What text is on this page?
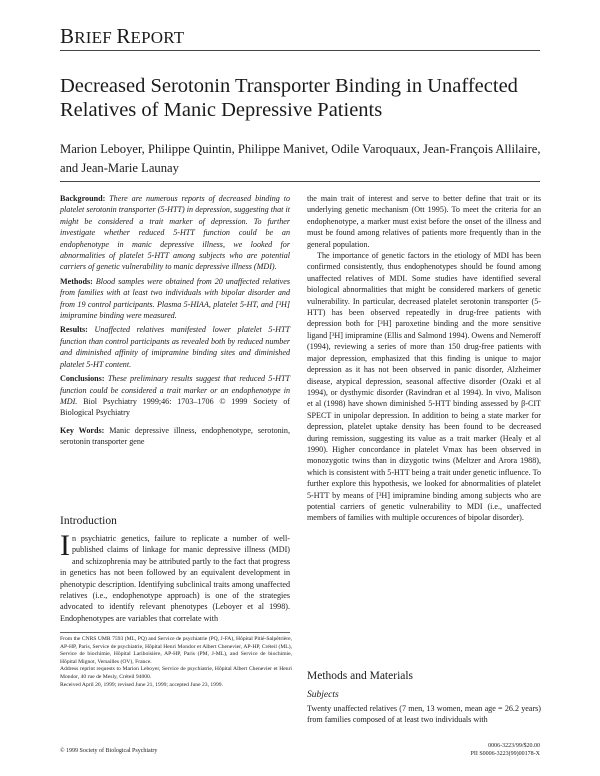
BRIEF REPORT
Decreased Serotonin Transporter Binding in Unaffected Relatives of Manic Depressive Patients
Marion Leboyer, Philippe Quintin, Philippe Manivet, Odile Varoquaux, Jean-François Allilaire, and Jean-Marie Launay

Background: There are numerous reports of decreased binding to platelet serotonin transporter (5-HTT) in depression, suggesting that it might be considered a trait marker of depression. To further investigate whether reduced 5-HTT function could be an endophenotype in manic depressive illness, we looked for abnormalities of platelet 5-HTT among subjects who are potential carriers of genetic vulnerability to manic depressive illness (MDI).

Methods: Blood samples were obtained from 20 unaffected relatives from families with at least two individuals with bipolar disorder and from 19 control participants. Plasma 5-HIAA, platelet 5-HT, and [³H] imipramine binding were measured.

Results: Unaffected relatives manifested lower platelet 5-HTT function than control participants as revealed both by reduced number and diminished affinity of imipramine binding sites and diminished platelet 5-HT content.

Conclusions: These preliminary results suggest that reduced 5-HTT function could be considered a trait marker or an endophenotype in MDI. Biol Psychiatry 1999;46: 1703–1706 © 1999 Society of Biological Psychiatry

Key Words: Manic depressive illness, endophenotype, serotonin, serotonin transporter gene

Introduction

In psychiatric genetics, failure to replicate a number of well-published claims of linkage for manic depressive illness (MDI) and schizophrenia may be attributed partly to the fact that progress in genetics has not been followed by an equivalent development in phenotypic description. Identifying subclinical traits among unaffected relatives (i.e., endophenotype approach) is one of the strategies advocated to identify relevant phenotypes (Leboyer et al 1998). Endophenotypes are variables that correlate with

From the CNRS UMR 7593 (ML, PQ) and Service de psychiatrie (PQ, J-FA), Hôpital Pitié-Salpêtrière, AP-HP, Paris, Service de psychiatrie, Hôpital Henri Mondor et Albert Chenevier, AP-HP, Créteil (ML), Service de biochimie, Hôpital Lariboisière, AP-HP, Paris (PM, J-ML), and Service de biochimie, Hôpital Mignot, Versailles (OV), France.

Address reprint requests to Marion Leboyer, Service de psychiatrie, Hôpital Albert Chenevier et Henri Mondor, 40 rue de Mesly, Créteil 94000.

Received April 20, 1999; revised June 21, 1999; accepted June 23, 1999.

the main trait of interest and serve to better define that trait or its underlying genetic mechanism (Ott 1995). To meet the criteria for an endophenotype, a marker must exist before the onset of the illness and must be found among relatives of patients more frequently than in the general population.

The importance of genetic factors in the etiology of MDI has been confirmed consistently, thus endophenotypes should be found among unaffected relatives of MDI. Some studies have identified several biological abnormalities that might be considered markers of genetic vulnerability. In particular, decreased platelet serotonin transporter (5-HTT) has been observed repeatedly in drug-free patients with depression both for [³H] paroxetine binding and the more sensitive ligand [³H] imipramine (Ellis and Salmond 1994). Owens and Nemeroff (1994), reviewing a series of more than 150 drug-free patients with major depression, emphasized that this finding is unique to major depression as it has not been observed in panic disorder, Alzheimer disease, atypical depression, seasonal affective disorder (Ozaki et al 1994), or dysthymic disorder (Ravindran et al 1994). In vivo, Malison et al (1998) have shown diminished 5-HTT binding assessed by β-CIT SPECT in unipolar depression. In addition to being a state marker for depression, platelet uptake density has been found to be decreased during remission, suggesting its value as a trait marker (Healy et al 1990). Higher concordance in platelet Vmax has been observed in monozygotic twins than in dizygotic twins (Meltzer and Arora 1988), which is consistent with 5-HTT being a trait under genetic influence. To further explore this hypothesis, we looked for abnormalities of platelet 5-HTT by means of [³H] imipramine binding among subjects who are potential carriers of genetic vulnerability to MDI (i.e., unaffected members of families with multiple occurences of bipolar disorder).

Methods and Materials
Subjects
Twenty unaffected relatives (7 men, 13 women, mean age = 26.2 years) from families composed of at least two individuals with
© 1999 Society of Biological Psychiatry
0006-3223/99/$20.00
PII S0006-3223(99)00178-X
